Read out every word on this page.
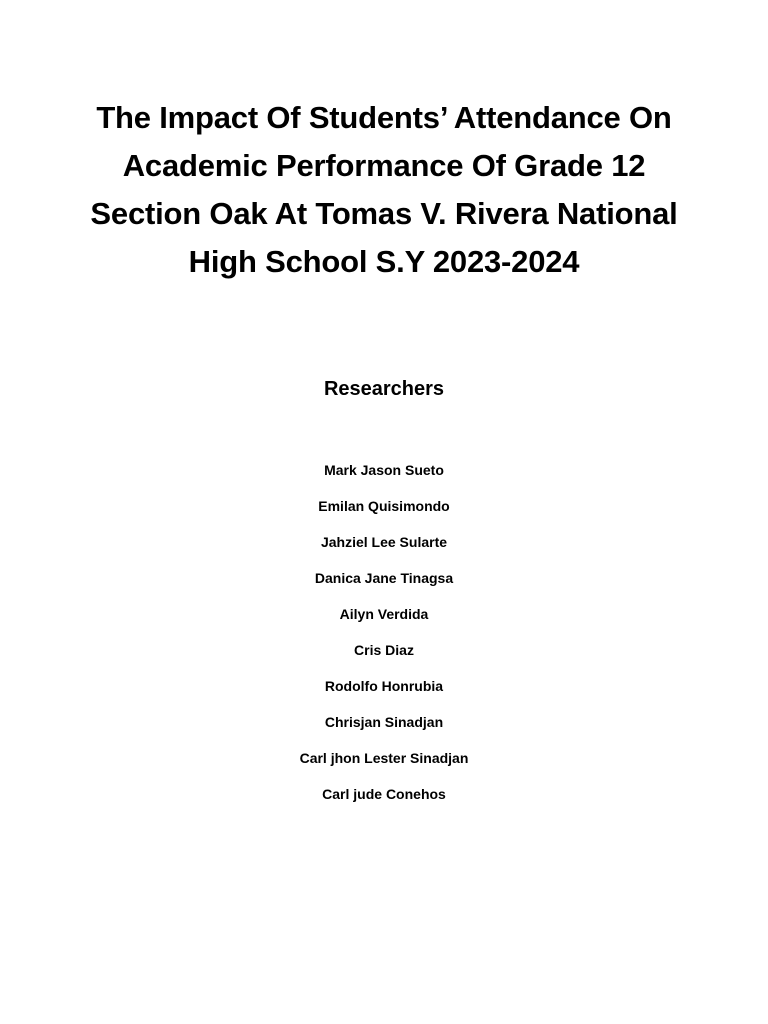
The Impact Of Students’ Attendance On
Academic Performance Of Grade 12
Section Oak At Tomas V. Rivera National
High School S.Y 2023-2024
Researchers
Mark Jason Sueto
Emilan Quisimondo
Jahziel Lee Sularte
Danica Jane Tinagsa
Ailyn Verdida
Cris Diaz
Rodolfo Honrubia
Chrisjan Sinadjan
Carl jhon Lester Sinadjan
Carl jude Conehos
